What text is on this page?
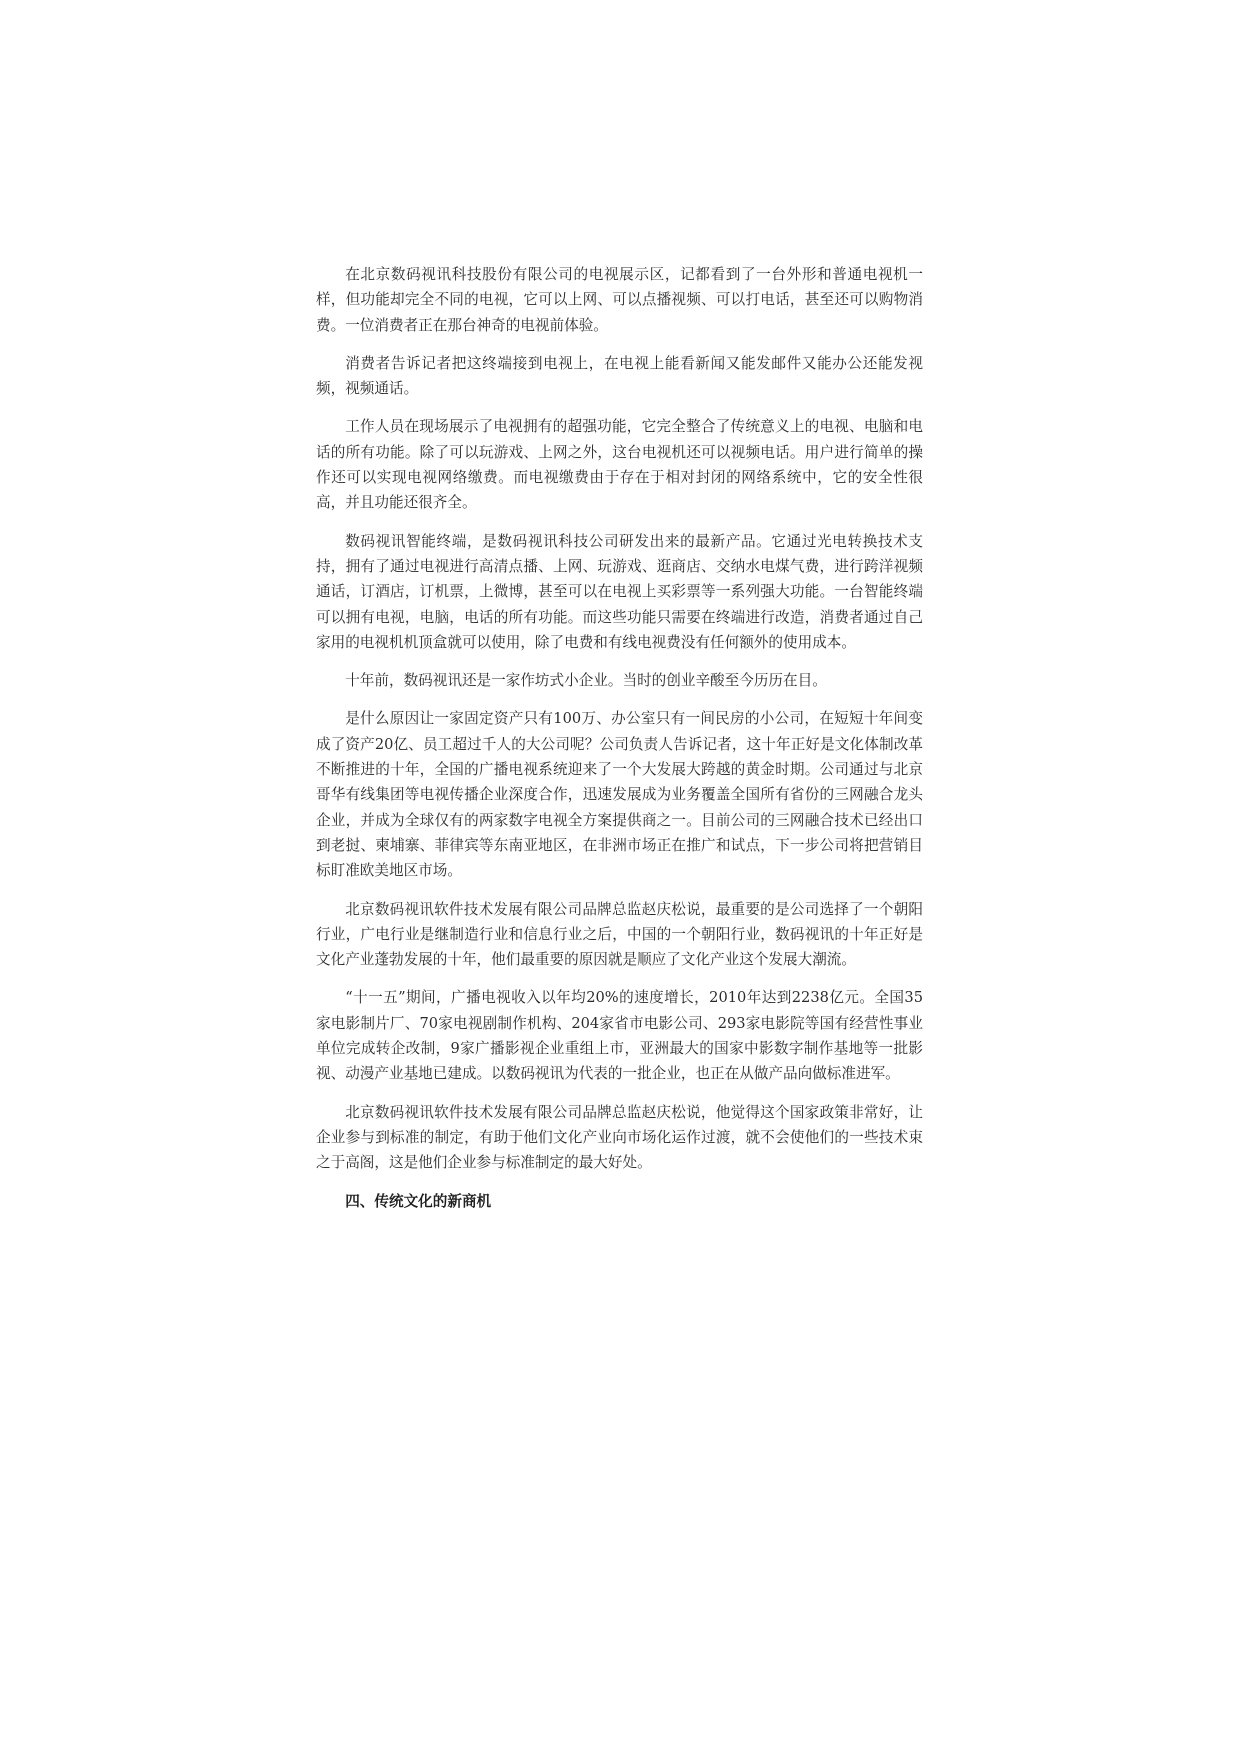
在北京数码视讯科技股份有限公司的电视展示区，记都看到了一台外形和普通电视机一样，但功能却完全不同的电视，它可以上网、可以点播视频、可以打电话，甚至还可以购物消费。一位消费者正在那台神奇的电视前体验。

消费者告诉记者把这终端接到电视上，在电视上能看新闻又能发邮件又能办公还能发视频，视频通话。

工作人员在现场展示了电视拥有的超强功能，它完全整合了传统意义上的电视、电脑和电话的所有功能。除了可以玩游戏、上网之外，这台电视机还可以视频电话。用户进行简单的操作还可以实现电视网络缴费。而电视缴费由于存在于相对封闭的网络系统中，它的安全性很高，并且功能还很齐全。

数码视讯智能终端，是数码视讯科技公司研发出来的最新产品。它通过光电转换技术支持，拥有了通过电视进行高清点播、上网、玩游戏、逛商店、交纳水电煤气费，进行跨洋视频通话，订酒店，订机票，上微博，甚至可以在电视上买彩票等一系列强大功能。一台智能终端可以拥有电视，电脑，电话的所有功能。而这些功能只需要在终端进行改造，消费者通过自己家用的电视机机顶盒就可以使用，除了电费和有线电视费没有任何额外的使用成本。

十年前，数码视讯还是一家作坊式小企业。当时的创业辛酸至今历历在目。

是什么原因让一家固定资产只有100万、办公室只有一间民房的小公司，在短短十年间变成了资产20亿、员工超过千人的大公司呢？公司负责人告诉记者，这十年正好是文化体制改革不断推进的十年，全国的广播电视系统迎来了一个大发展大跨越的黄金时期。公司通过与北京哥华有线集团等电视传播企业深度合作，迅速发展成为业务覆盖全国所有省份的三网融合龙头企业，并成为全球仅有的两家数字电视全方案提供商之一。目前公司的三网融合技术已经出口到老挝、柬埔寨、菲律宾等东南亚地区，在非洲市场正在推广和试点，下一步公司将把营销目标盯准欧美地区市场。

北京数码视讯软件技术发展有限公司品牌总监赵庆松说，最重要的是公司选择了一个朝阳行业，广电行业是继制造行业和信息行业之后，中国的一个朝阳行业，数码视讯的十年正好是文化产业蓬勃发展的十年，他们最重要的原因就是顺应了文化产业这个发展大潮流。

“十一五”期间，广播电视收入以年均20%的速度增长，2010年达到2238亿元。全国35家电影制片厂、70家电视剧制作机构、204家省市电影公司、293家电影院等国有经营性事业单位完成转企改制，9家广播影视企业重组上市，亚洲最大的国家中影数字制作基地等一批影视、动漫产业基地已建成。以数码视讯为代表的一批企业，也正在从做产品向做标准进军。

北京数码视讯软件技术发展有限公司品牌总监赵庆松说，他觉得这个国家政策非常好，让企业参与到标准的制定，有助于他们文化产业向市场化运作过渡，就不会使他们的一些技术束之于高阁，这是他们企业参与标准制定的最大好处。

四、传统文化的新商机
